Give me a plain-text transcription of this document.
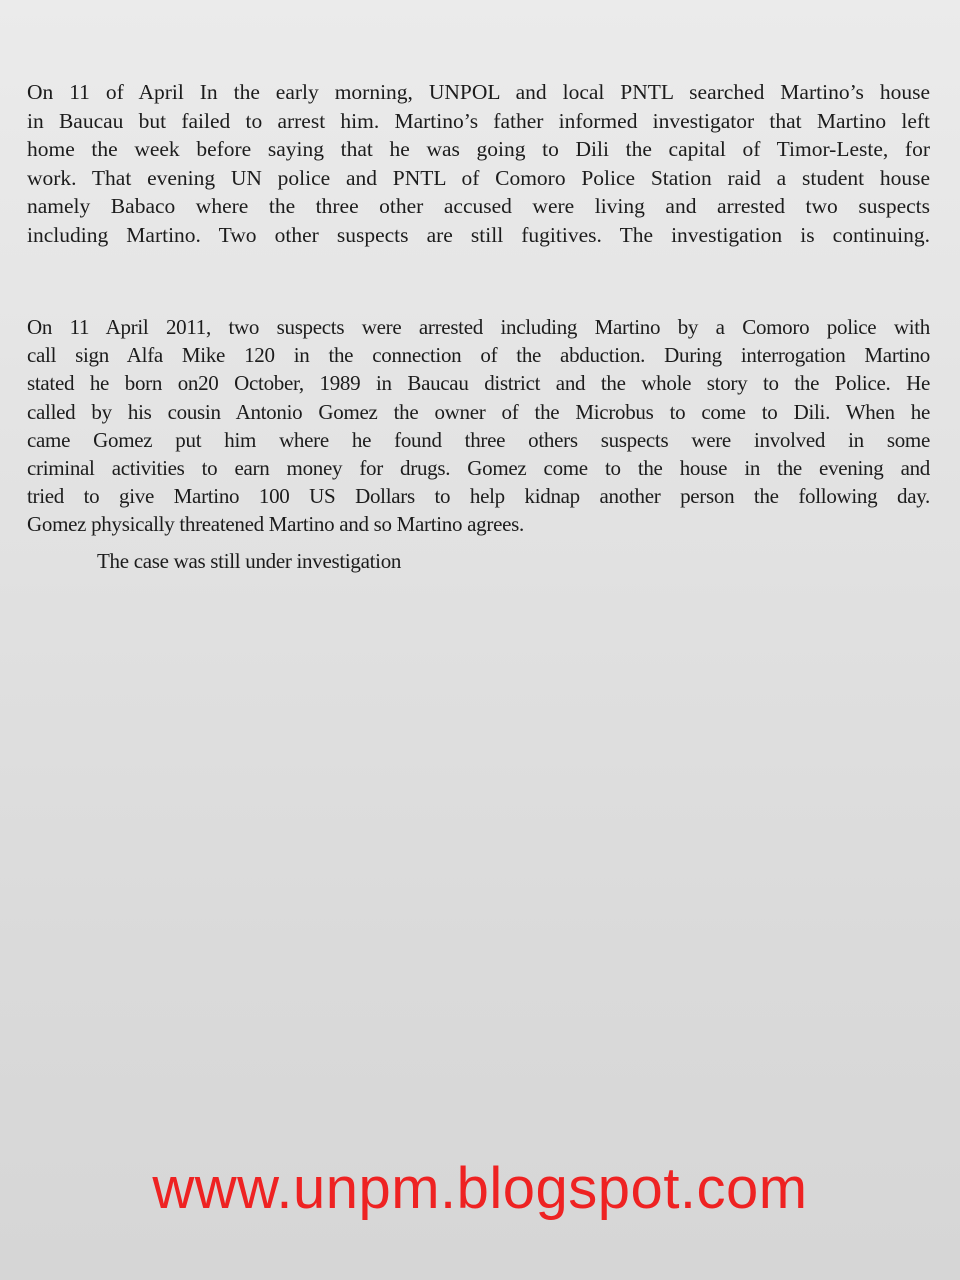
On 11 of April In the early morning, UNPOL and local PNTL searched Martino’s house
in Baucau but failed to arrest him. Martino’s father informed investigator that Martino left
home the week before saying that he was going to Dili the capital of Timor-Leste, for
work. That evening UN police and PNTL of Comoro Police Station raid a student house
namely Babaco where the three other accused were living and arrested two suspects
including Martino. Two other suspects are still fugitives. The investigation is continuing.
On 11 April 2011, two suspects were arrested including Martino by a Comoro police with
call sign Alfa Mike 120 in the connection of the abduction. During interrogation Martino
stated he born on20 October, 1989 in Baucau district and the whole story to the Police. He
called by his cousin Antonio Gomez the owner of the Microbus to come to Dili. When he
came Gomez put him where he found three others suspects were involved in some
criminal activities to earn money for drugs. Gomez come to the house in the evening and
tried to give Martino 100 US Dollars to help kidnap another person the following day.
Gomez physically threatened Martino and so Martino agrees.
The case was still under investigation
www.unpm.blogspot.com
